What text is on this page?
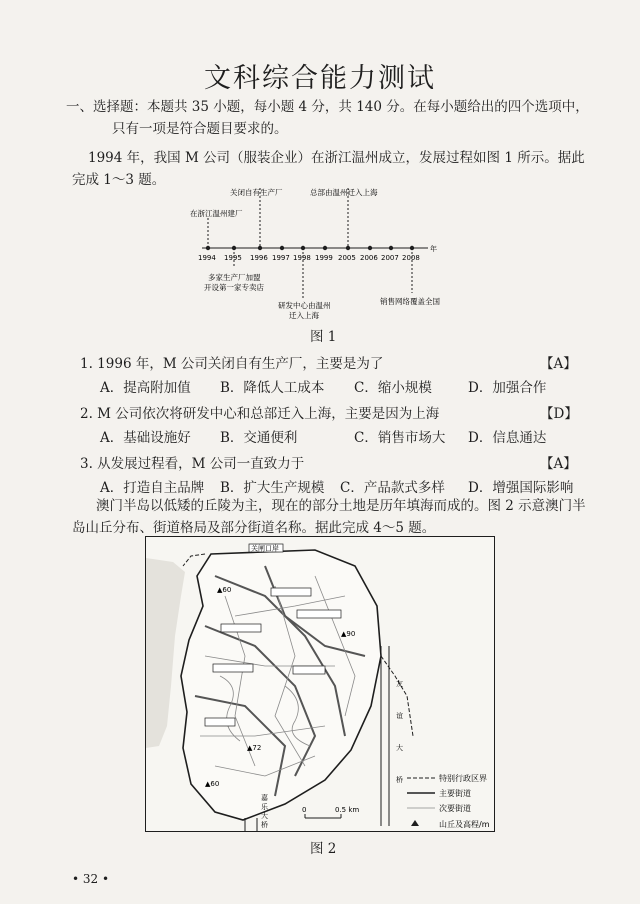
文科综合能力测试
一、选择题：本题共 35 小题，每小题 4 分，共 140 分。在每小题给出的四个选项中，
只有一项是符合题目要求的。
1994 年，我国 M 公司（服装企业）在浙江温州成立，发展过程如图 1 所示。据此
完成 1～3 题。
1994 1995 1996 1997 1998 1999 2005 2006 2007 2008
年
关闭自有生产厂	总部由温州迁入上海
在浙江温州建厂
多家生产厂加盟
开设第一家专卖店
研发中心由温州
迁入上海
销售网络覆盖全国
图 1
1. 1996 年，M 公司关闭自有生产厂，主要是为了	【A】
A．提高附加值 B．降低人工成本 C．缩小规模	D．加强合作
2. M 公司依次将研发中心和总部迁入上海，主要是因为上海	【D】
A．基础设施好 B．交通便利	C．销售市场大 D．信息通达
3. 从发展过程看，M 公司一直致力于	【A】
A．打造自主品牌 B．扩大生产规模 C．产品款式多样 D．增强国际影响
澳门半岛以低矮的丘陵为主，现在的部分土地是历年填海而成的。图 2 示意澳门半
岛山丘分布、街道格局及部分街道名称。据此完成 4～5 题。
关闸口岸
▲60
▲90
▲72
▲60
友
谊
大
桥
嘉
乐
大
桥
0	0.5 km
特别行政区界
主要街道
次要街道
山丘及高程/m
图 2
• 32 •
